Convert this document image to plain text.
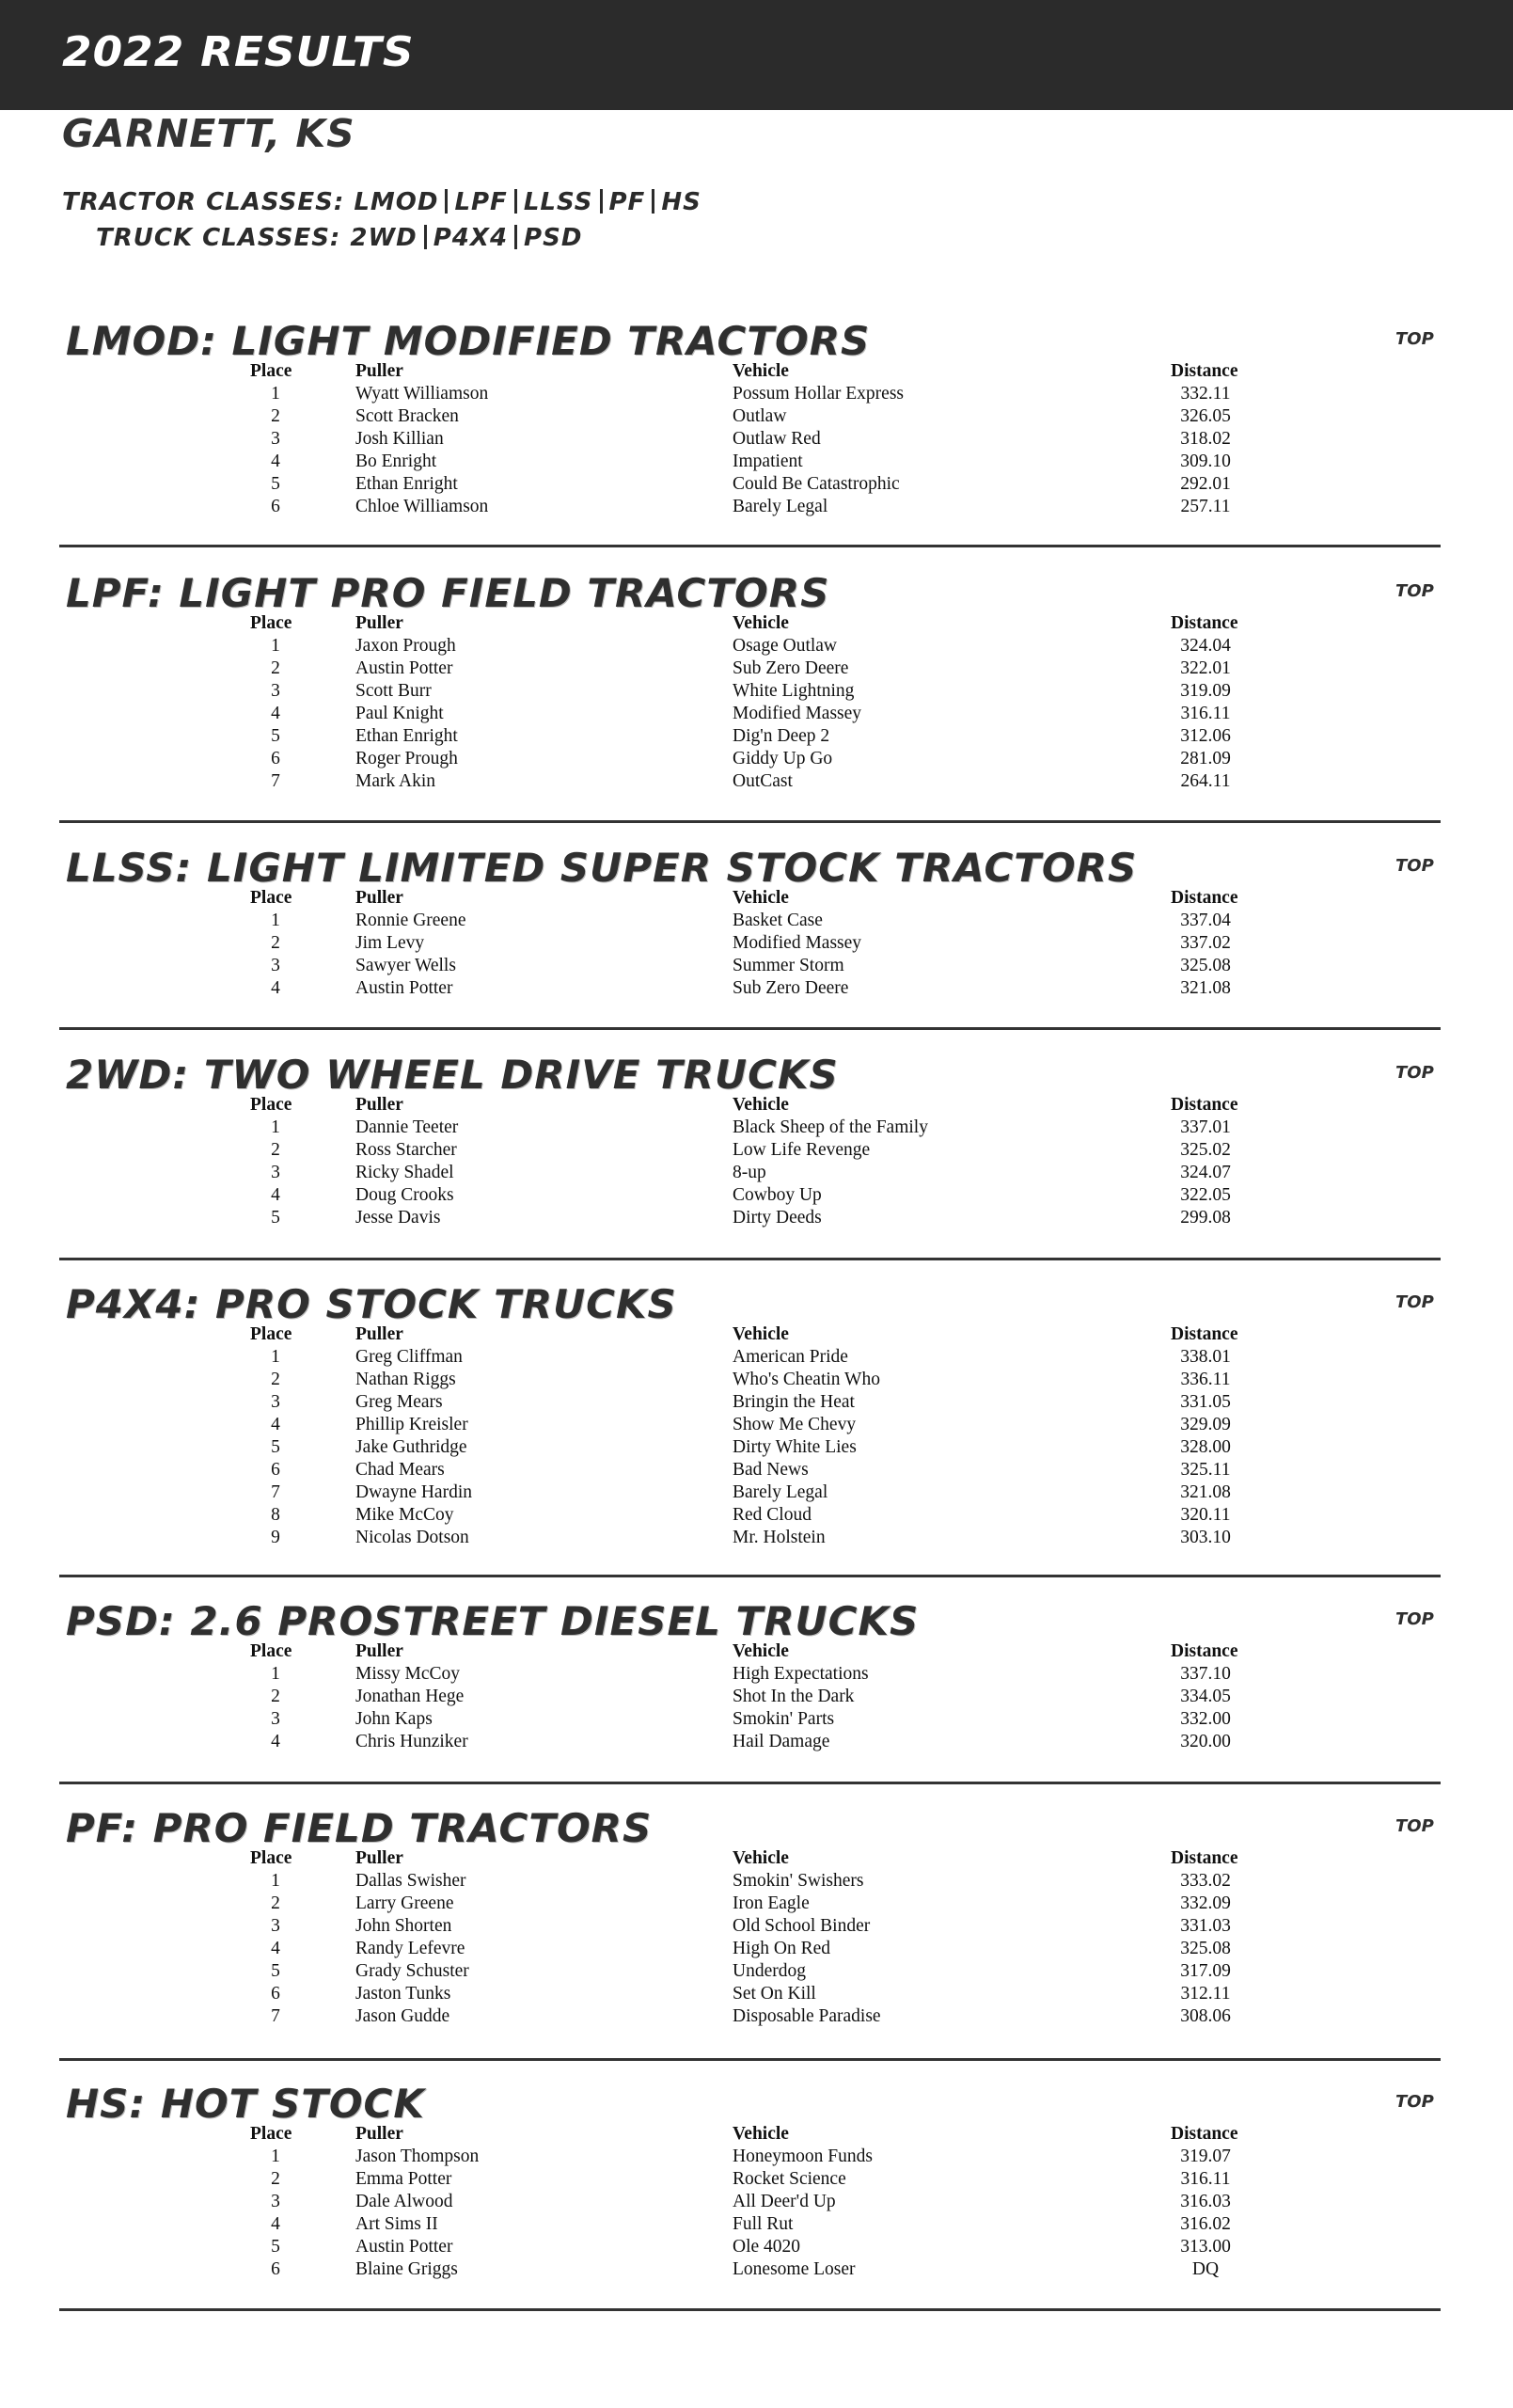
2022 RESULTS
GARNETT, KS
TRACTOR CLASSES: LMOD LPF LLSS PF HS
TRUCK CLASSES: 2WD P4X4 PSD
LMOD: LIGHT MODIFIED TRACTORS	TOP
Place	Puller	Vehicle	Distance
1	Wyatt Williamson	Possum Hollar Express	332.11
2	Scott Bracken	Outlaw	326.05
3	Josh Killian	Outlaw Red	318.02
4	Bo Enright	Impatient	309.10
5	Ethan Enright	Could Be Catastrophic	292.01
6	Chloe Williamson	Barely Legal	257.11
LPF: LIGHT PRO FIELD TRACTORS	TOP
Place	Puller	Vehicle	Distance
1	Jaxon Prough	Osage Outlaw	324.04
2	Austin Potter	Sub Zero Deere	322.01
3	Scott Burr	White Lightning	319.09
4	Paul Knight	Modified Massey	316.11
5	Ethan Enright	Dig'n Deep 2	312.06
6	Roger Prough	Giddy Up Go	281.09
7	Mark Akin	OutCast	264.11
LLSS: LIGHT LIMITED SUPER STOCK TRACTORS	TOP
Place	Puller	Vehicle	Distance
1	Ronnie Greene	Basket Case	337.04
2	Jim Levy	Modified Massey	337.02
3	Sawyer Wells	Summer Storm	325.08
4	Austin Potter	Sub Zero Deere	321.08
2WD: TWO WHEEL DRIVE TRUCKS	TOP
Place	Puller	Vehicle	Distance
1	Dannie Teeter	Black Sheep of the Family	337.01
2	Ross Starcher	Low Life Revenge	325.02
3	Ricky Shadel	8-up	324.07
4	Doug Crooks	Cowboy Up	322.05
5	Jesse Davis	Dirty Deeds	299.08
P4X4: PRO STOCK TRUCKS	TOP
Place	Puller	Vehicle	Distance
1	Greg Cliffman	American Pride	338.01
2	Nathan Riggs	Who's Cheatin Who	336.11
3	Greg Mears	Bringin the Heat	331.05
4	Phillip Kreisler	Show Me Chevy	329.09
5	Jake Guthridge	Dirty White Lies	328.00
6	Chad Mears	Bad News	325.11
7	Dwayne Hardin	Barely Legal	321.08
8	Mike McCoy	Red Cloud	320.11
9	Nicolas Dotson	Mr. Holstein	303.10
PSD: 2.6 PROSTREET DIESEL TRUCKS	TOP
Place	Puller	Vehicle	Distance
1	Missy McCoy	High Expectations	337.10
2	Jonathan Hege	Shot In the Dark	334.05
3	John Kaps	Smokin' Parts	332.00
4	Chris Hunziker	Hail Damage	320.00
PF: PRO FIELD TRACTORS	TOP
Place	Puller	Vehicle	Distance
1	Dallas Swisher	Smokin' Swishers	333.02
2	Larry Greene	Iron Eagle	332.09
3	John Shorten	Old School Binder	331.03
4	Randy Lefevre	High On Red	325.08
5	Grady Schuster	Underdog	317.09
6	Jaston Tunks	Set On Kill	312.11
7	Jason Gudde	Disposable Paradise	308.06
HS: HOT STOCK	TOP
Place	Puller	Vehicle	Distance
1	Jason Thompson	Honeymoon Funds	319.07
2	Emma Potter	Rocket Science	316.11
3	Dale Alwood	All Deer'd Up	316.03
4	Art Sims II	Full Rut	316.02
5	Austin Potter	Ole 4020	313.00
6	Blaine Griggs	Lonesome Loser	DQ
